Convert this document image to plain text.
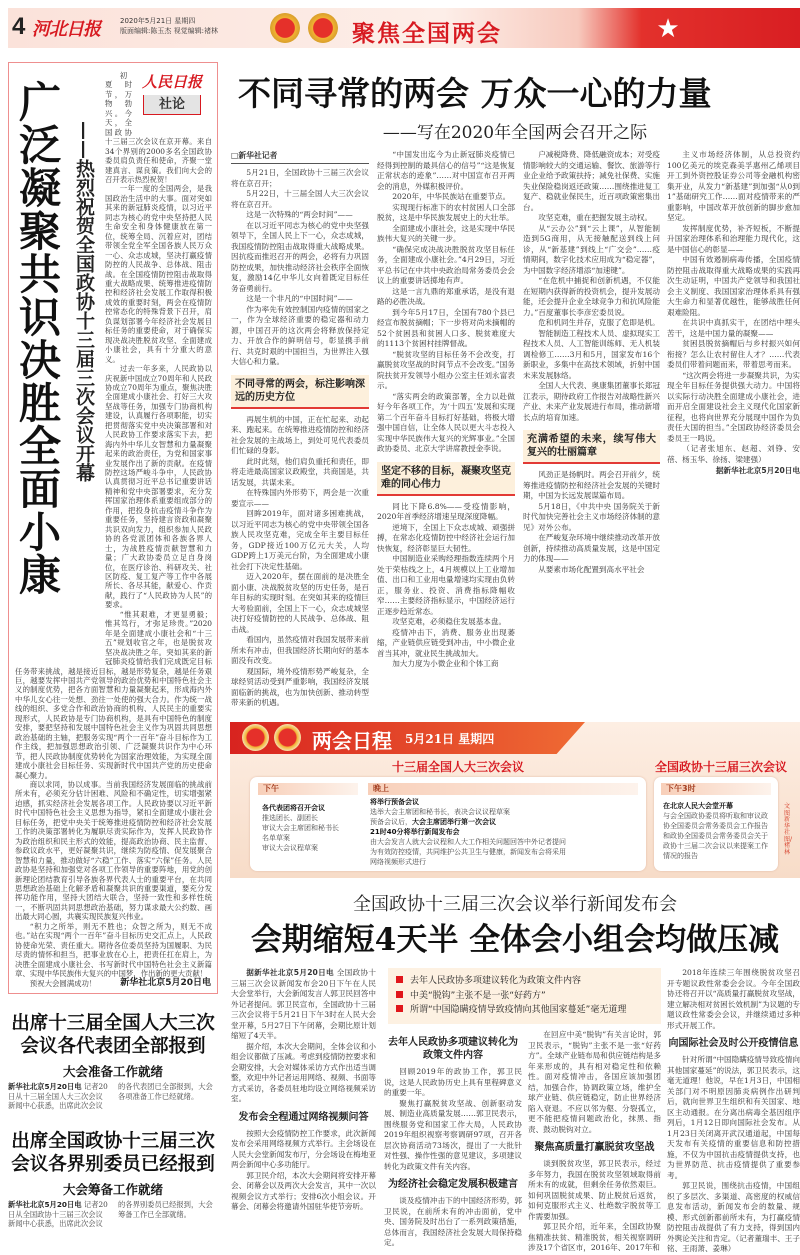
4 河北日报	2020年5月21日 星期四
版面编辑:陈玉杰 视觉编辑:褚林	聚焦全国两会	★
广泛凝聚共识 决胜全面小康
——热烈祝贺全国政协十三届三次会议开幕
人民日报
社论

初夏时节，万物勃兴。今天，全国政协十三届三次会议在京开幕。来自34个界别的2000多名全国政协委员肩负责任和使命，齐聚一堂建真言、谋良策。我们向大会的召开表示热烈祝贺！

一年一度的全国两会，是我国政治生活中的大事。面对突如其来的新冠肺炎疫情，以习近平同志为核心的党中央坚持把人民生命安全和身体健康放在第一位，统筹全局、沉着应对，团结带领全党全军全国各族人民万众一心、众志成城，坚决打赢疫情防控的人民战争、总体战、阻击战。在全国疫情防控阻击战取得重大战略成果、统筹推进疫情防控和经济社会发展工作取得积极成效的重要时刻，两会在疫情防控常态化的特殊背景下召开，肩负谋划部署今年经济社会发展目标任务的重要使命，对于确保实现决战决胜脱贫攻坚、全面建成小康社会，具有十分重大的意义。

过去一年多来，人民政协以庆祝新中国成立70周年和人民政协成立70周年为重点，聚焦决胜全面建成小康社会、打好三大攻坚战等任务，加强专门协商机构建设，认真履行各项职能，切实把贯彻落实党中央决策部署和对人民政协工作要求落实下去，把海内外中华儿女智慧和力量凝聚起来的政治责任，为党和国家事业发展作出了新的贡献。在疫情防控这场严峻斗争中，人民政协认真贯彻习近平总书记重要讲话精神和党中央部署要求，充分发挥国家治理体系重要组成部分的作用，把投身抗击疫情斗争作为重要任务，坚持建言资政和凝聚共识双向发力，组织参加人民政协的各党派团体和各族各界人士，为战胜疫情贡献智慧和力量；广大政协委员立足自身岗位，在医疗诊治、科研攻关、社区防疫、复工复产等工作中各展所长、各尽其能，献爱心、作贡献，践行了“人民政协为人民”的要求。

“惟其艰难，才更显勇毅；惟其笃行，才弥足珍贵。”2020年是全面建成小康社会和“十三五”规划收官之年，也是脱贫攻坚决战决胜之年。突如其来的新冠肺炎疫情给我们完成既定目标任务带来挑战，越是接近目标，越是形势复杂，越是任务艰巨，越要发挥中国共产党领导的政治优势和中国特色社会主义的制度优势，把各方面智慧和力量凝聚起来，形成海内外中华儿女心往一处想、劲往一处使的强大合力。作为统一战线的组织、多党合作和政治协商的机构、人民民主的重要实现形式，人民政协是专门协商机构，是具有中国特色的制度安排，要把坚持和发展中国特色社会主义作为巩固共同思想政治基础的主轴，把服务实现“两个一百年”奋斗目标作为工作主线，把加强思想政治引领、广泛凝聚共识作为中心环节，把人民政协制度优势转化为国家治理效能，为实现全面建成小康社会目标任务、实现新时代中国共产党的历史使命凝心聚力。

商以求同，协以成事。当前我国经济发展面临的挑战前所未有，必须充分估计困难、风险和不确定性，切实增强紧迫感，抓实经济社会发展各项工作。人民政协要以习近平新时代中国特色社会主义思想为指导，紧扣全面建成小康社会目标任务，把党中央关于统筹推进疫情防控和经济社会发展工作的决策部署转化为履职尽责实际作为，发挥人民政协作为政治组织和民主形式的效能，提高政治协商、民主监督、参政议政水平，更好凝聚共识，继续为防疫情、促发展聚合智慧和力量，推动做好“六稳”工作、落实“六保”任务。人民政协是坚持和加强党对各项工作领导的重要阵地，用党的创新理论团结教育引导各族各界代表人士的重要平台，在共同思想政治基础上化解矛盾和凝聚共识的重要渠道，要充分发挥功能作用，坚持大团结大联合，坚持一致性和多样性统一，不断巩固共同思想政治基础，努力谋求最大公约数、画出最大同心圆，共襄实现民族复兴伟业。

“积力之所举，则无不胜也；众智之所为，则无不成也。”站在实现“两个一百年”奋斗目标历史交汇点上，人民政协使命光荣、责任重大。期待各位委员坚持为国履职、为民尽责的情怀和担当，把事业放在心上，把责任扛在肩上，为决胜全面建成小康社会、书写新时代中国特色社会主义新篇章、实现中华民族伟大复兴的中国梦，作出新的更大贡献！

预祝大会圆满成功！	新华社北京5月20日电
出席十三届全国人大三次会议各代表团全部报到
大会准备工作就绪
新华社北京5月20日电 记者20日从十三届全国人大三次会议新闻中心获悉，出席此次会议的各代表团已全部报到，大会各项准备工作已经就绪。
出席全国政协十三届三次会议各界别委员已经报到
大会筹备工作就绪
新华社北京5月20日电 记者20日从全国政协十三届三次会议新闻中心获悉，出席此次会议的各界别委员已经报到，大会筹备工作已全部就绪。
不同寻常的两会 万众一心的力量
——写在2020年全国两会召开之际
□新华社记者

5月21日，全国政协十三届三次会议将在京召开；

5月22日，十三届全国人大三次会议将在京召开。

这是一次特殊的“两会时间”——

在以习近平同志为核心的党中央坚强领导下，全国人民上下一心，众志成城，我国疫情防控阻击战取得重大战略成果。因抗疫而推迟召开的两会，必将有力巩固防控成果，加快推动经济社会秩序全面恢复，激励14亿中华儿女向着既定目标任务奋勇前行。

这是一个非凡的“中国时间”——

作为率先有效控制国内疫情的国家之一，作为全球经济重要的稳定器和动力源，中国召开的这次两会将释放保持定力、开放合作的鲜明信号，彰显携手前行、共克时艰的中国担当，为世界注入强大信心和力量。

不同寻常的两会，标注影响深远的历史方位

再展生机的中国，正在忙起来、动起来、跑起来。在统筹推进疫情防控和经济社会发展的主战场上，到处可见代表委员们忙碌的身影。

此时此刻，他们肩负重托和责任，即将走进最高国家议政殿堂，共商国是，共话发展，共谋未来。

在特殊国内外形势下，两会是一次重要宣示——

回眸2019年，面对诸多困难挑战，以习近平同志为核心的党中央带领全国各族人民攻坚克难，完成全年主要目标任务，GDP接近100万亿元大关，人均GDP跨上1万美元台阶，为全面建成小康社会打下决定性基础。

迈入2020年，摆在面前的是决胜全面小康、决战脱贫攻坚的历史任务，是百年目标的实现时刻。在突如其来的疫情巨大考验面前，全国上下一心，众志成城坚决打好疫情防控的人民战争、总体战、阻击战。

看国内，虽然疫情对我国发展带来前所未有冲击，但我国经济长期向好的基本面没有改变。

观国际，境外疫情形势严峻复杂，全球经贸活动受到严重影响，我国经济发展面临新的挑战，也为加快创新、推动转型带来新的机遇。

“中国发出迄今为止新冠肺炎疫情已经得到控制的最具信心的信号”“这是恢复正常状态的迹象”……对中国宣布召开两会的消息，外媒积极评价。

2020年，中华民族站在重要节点。

实现现行标准下的农村贫困人口全部脱贫，这是中华民族发展史上的大壮举。

全面建成小康社会，这是实现中华民族伟大复兴的关键一步。

“确保完成决战决胜脱贫攻坚目标任务，全面建成小康社会。”4月29日，习近平总书记在中共中央政治局常务委员会会议上的重要讲话掷地有声。

这是一言九鼎的郑重承诺，是没有退路的必胜决战。

到今年5月17日，全国有780个县已经宣布脱贫摘帽；下一步将对尚未摘帽的52个贫困县和贫困人口多、脱贫难度大的1113个贫困村挂牌督战。

“脱贫攻坚的目标任务不会改变，打赢脱贫攻坚战的时间节点不会改变。”国务院扶贫开发领导小组办公室主任刘永富表示。

“落实两会的政策部署，全力以赴做好今年各项工作，为‘十四五’发展和实现第二个百年奋斗目标打好基础，将极大增强中国自信，让全体人民以更大斗志投入实现中华民族伟大复兴的光辉事业。”全国政协委员、北京大学讲席教授金李说。

坚定不移的目标，凝聚攻坚克难的同心伟力

同比下降6.8%——受疫情影响，2020年首季经济增速呈现深度降幅。

逆境下，全国上下众志成城、顽强拼搏，在常态化疫情防控中经济社会运行加快恢复，经济彰显巨大韧性。

中国制造业采购经理指数连续两个月处于荣枯线之上，4月规模以上工业增加值、出口和工业用电量增速均实现由负转正，服务业、投资、消费指标降幅收窄……主要经济指标显示，中国经济运行正逐步趋近常态。

攻坚克难，必须稳住发展基本盘。

疫情冲击下，消费、服务业出现萎缩，产业链供应链受到冲击，中小微企业首当其冲，就业民生挑战加大。

加大力度为小微企业和个体工商

户减税降费、降低融资成本；对受疫情影响较大的交通运输、餐饮、旅游等行业企业给予政策扶持；减免社保费、实施失业保险稳岗返还政策……围绕推进复工复产、稳就业保民生，近百项政策密集出台。

攻坚克难，重在把握发展主动权。

从“云办公”到“云上课”，从智能制造到5G商用，从无接触配送到线上问诊，从“新基建”到线上“广交会”……疫情期间，数字化技术应用成为“稳定器”，为中国数字经济增添“加速键”。

“在危机中捕捉和创新机遇，不仅能在短期内获得新的投资机会，提升发展动能，还会提升企业全球竞争力和抗风险能力。”百度董事长李彦宏委员说。

危和机同生并存，克服了危即是机。

智能制造工程技术人员、虚拟现实工程技术人员、人工智能训练师、无人机装调检修工……3月和5月，国家发布16个新职业，多集中在高技术领域，折射中国未来发展脉络。

全国人大代表、奥康集团董事长郑冠江表示，期待政府工作报告对战略性新兴产业、未来产业发展进行布局，推动新增长点的培育加速。

充满希望的未来，续写伟大复兴的壮丽篇章

风劲正是扬帆时。两会召开前夕，统筹推进疫情防控和经济社会发展的关键时期，中国为长远发展谋篇布局。

5月18日，《中共中央 国务院关于新时代加快完善社会主义市场经济体制的意见》对外公布。

在严峻复杂环境中继续推动改革开放创新，持续推动高质量发展，这是中国定力的体现——

从要素市场化配置到高水平社会

主义市场经济体制，从总投资约100亿美元的埃克森美孚惠州乙烯项目开工到外资控股证券公司等金融机构密集开业，从发力“新基建”到加强“从0到1”基础研究工作……面对疫情带来的严重影响，中国改革开放创新的脚步愈加坚定。

发挥制度优势，补齐短板，不断提升国家治理体系和治理能力现代化，这是中国信心的彰显——

中国有效遏制病毒传播，全国疫情防控阻击战取得重大战略成果的实践再次生动证明，中国共产党领导和我国社会主义制度、我国国家治理体系具有强大生命力和显著优越性，能够战胜任何艰难险阻。

在共识中真抓实干，在团结中埋头苦干，这是中国力量的凝聚——

贫困县脱贫摘帽后与乡村振兴如何衔接？怎么让农村留住人才？……代表委员们带着问题而来，带着思考而来。

“这次两会将进一步凝聚共识，为实现全年目标任务提供强大动力。中国将以实际行动决胜全面建成小康社会，进而开启全面建设社会主义现代化国家新征程，也将向世界充分展现中国作为负责任大国的担当。”全国政协经济委员会委员王一鸣说。

（记者张旭东、赵超、刘铮、安蓓、杨玉华、徐扬、梁建强）

据新华社北京5月20日电
两会日程 5月21日 星期四
十三届全国人大三次会议	全国政协十三届三次会议
下午
各代表团将召开会议
推选团长、副团长
审议大会主席团和秘书长
名单草案
审议大会议程草案
晚上
将举行预备会议
选举大会主席团和秘书长，表决会议议程草案
预备会议后，大会主席团举行第一次会议
21时40分将举行新闻发布会
由大会发言人就大会议程和人大工作相关问题回答中外记者提问
为有效防控疫情，共同维护公共卫生与健康，新闻发布会将采用
网络视频形式进行
下午3时
在北京人民大会堂开幕
与会全国政协委员将听取和审议政
协全国委员会常务委员会工作报告
和政协全国委员会常务委员会关于
政协十三届二次会议以来提案工作
情况的报告
文图新华社 图/褚林
全国政协十三届三次会议举行新闻发布会
会期缩短4天半 全体会小组会均做压减
去年人民政协多项建议转化为政策文件内容
中美“脱钩”主张不是一张“好药方”
所谓“中国隐瞒疫情导致疫情向其他国家蔓延”毫无道理

据新华社北京5月20日电 全国政协十三届三次会议新闻发布会20日下午在人民大会堂举行，大会新闻发言人郭卫民回答中外记者提问。郭卫民宣布，全国政协十三届三次会议将于5月21日下午3时在人民大会堂开幕，5月27日下午闭幕，会期比原计划缩短了4天半。

据介绍，本次大会期间，全体会议和小组会议都做了压减。考虑到疫情防控要求和会期安排，大会对媒体采访方式作出适当调整，欢迎中外记者运用网络、视频、书面等方式采访，各委员驻地均设立网络视频采访室。

发布会全程通过网络视频问答

按照大会疫情防控工作要求，此次新闻发布会采用网络视频方式举行。主会场设在人民大会堂新闻发布厅，分会场设在梅地亚两会新闻中心多功能厅。

郭卫民介绍，本次大会期间将安排开幕会、闭幕会以及两次大会发言，其中一次以视频会议方式举行；安排6次小组会议。开幕会、闭幕会将邀请外国驻华使节旁听。

去年人民政协多项建议转化为政策文件内容

回顾2019年的政协工作，郭卫民说，这是人民政协历史上具有里程碑意义的重要一年。

聚焦打赢脱贫攻坚战、创新驱动发展、制造业高质量发展……郭卫民表示，围绕服务党和国家工作大局，人民政协2019年组织视察考察调研97项，召开各层次协商活动73场次，提出了一大批针对性强、操作性强的意见建议，多项建议转化为政策文件有关内容。

为经济社会稳定发展积极建言

谈及疫情冲击下的中国经济形势，郭卫民说，在前所未有的冲击面前，党中央、国务院及时出台了一系列政策措施，总体而言，我国经济社会发展大局保持稳定。

在回应中美“脱钩”有关言论时，郭卫民表示，“脱钩”主张不是一张“好药方”。全球产业链布局和供应链结构是多年来形成的，具有相对稳定性和依赖性。面对疫情冲击，各国应该加强团结，加强合作，协调政策立场，维护全球产业链、供应链稳定，防止世界经济陷入衰退。不应以邻为壑、分裂孤立，更不能把疫情问题政治化，抹黑、指责、鼓动脱钩对立。

聚焦高质量打赢脱贫攻坚战

谈到脱贫攻坚，郭卫民表示，经过多年努力，我国在脱贫攻坚领域取得前所未有的成就，但剩余任务依然艰巨。如何巩固脱贫成果、防止脱贫后返贫，如何克服形式主义、杜绝数字脱贫等工作需要加强。

郭卫民介绍，近年来，全国政协聚焦精准扶贫、精准脱贫，相关视察调研涉及17个省区市，2016年、2017年和

2018年连续三年围绕脱贫攻坚召开专题议政性常委会会议。今年全国政协还将召开以“高质量打赢脱贫攻坚战，建立解决相对贫困长效机制”为议题的专题议政性常委会会议，并继续通过多种形式开展工作。

向国际社会及时公开疫情信息

针对所谓“中国隐瞒疫情导致疫情向其他国家蔓延”的说法，郭卫民表示，这毫无道理！他说，早在1月3日，中国相关部门对不明原因肺炎病例作出研判后，就向世界卫生组织和有关国家、地区主动通报。在分离出病毒全基因组序列后，1月12日即向国际社会发布。从1月23日关闭离开武汉通道起，中国每天发布有关疫情的重要信息和防控措施，不仅为中国抗击疫情提供支持，也为世界防范、抗击疫情提供了重要参考。

郭卫民说，围绕抗击疫情，中国组织了多层次、多渠道、高密度的权威信息发布活动，新闻发布会的数量、规模、形式创新都前所未有，为打赢疫情防控阻击战提供了有力支持，得到国内外舆论关注和肯定。（记者董瑞丰、王子铭、王雨萧、姜琳）
